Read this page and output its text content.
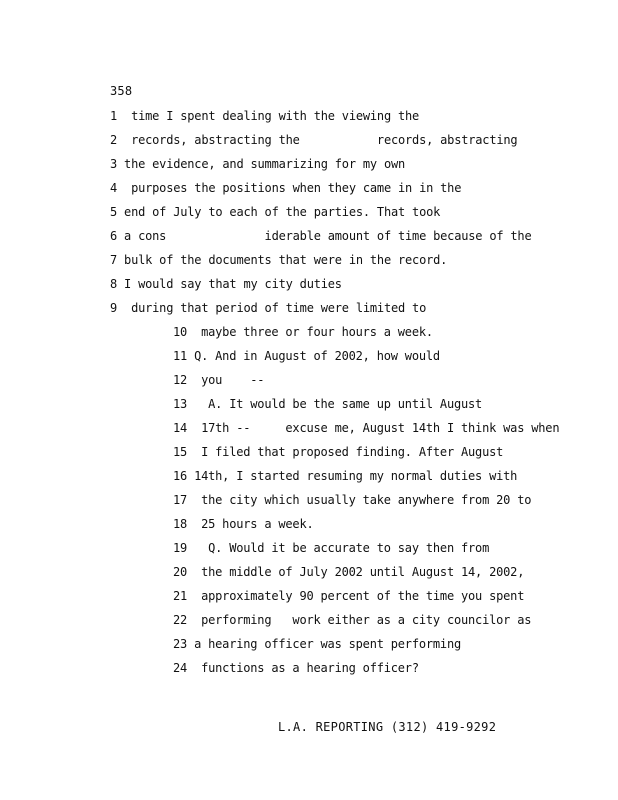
358
1  time I spent dealing with the viewing the
2  records, abstracting the           records, abstracting
3 the evidence, and summarizing for my own
4  purposes the positions when they came in in the
5 end of July to each of the parties. That took
6 a cons              iderable amount of time because of the
7 bulk of the documents that were in the record.
8 I would say that my city duties
9  during that period of time were limited to
10  maybe three or four hours a week.
11 Q. And in August of 2002, how would
12  you    --
13   A. It would be the same up until August
14  17th --     excuse me, August 14th I think was when
15  I filed that proposed finding. After August
16 14th, I started resuming my normal duties with
17  the city which usually take anywhere from 20 to
18  25 hours a week.
19   Q. Would it be accurate to say then from
20  the middle of July 2002 until August 14, 2002,
21  approximately 90 percent of the time you spent
22  performing   work either as a city councilor as
23 a hearing officer was spent performing
24  functions as a hearing officer?
L.A. REPORTING (312) 419-9292
